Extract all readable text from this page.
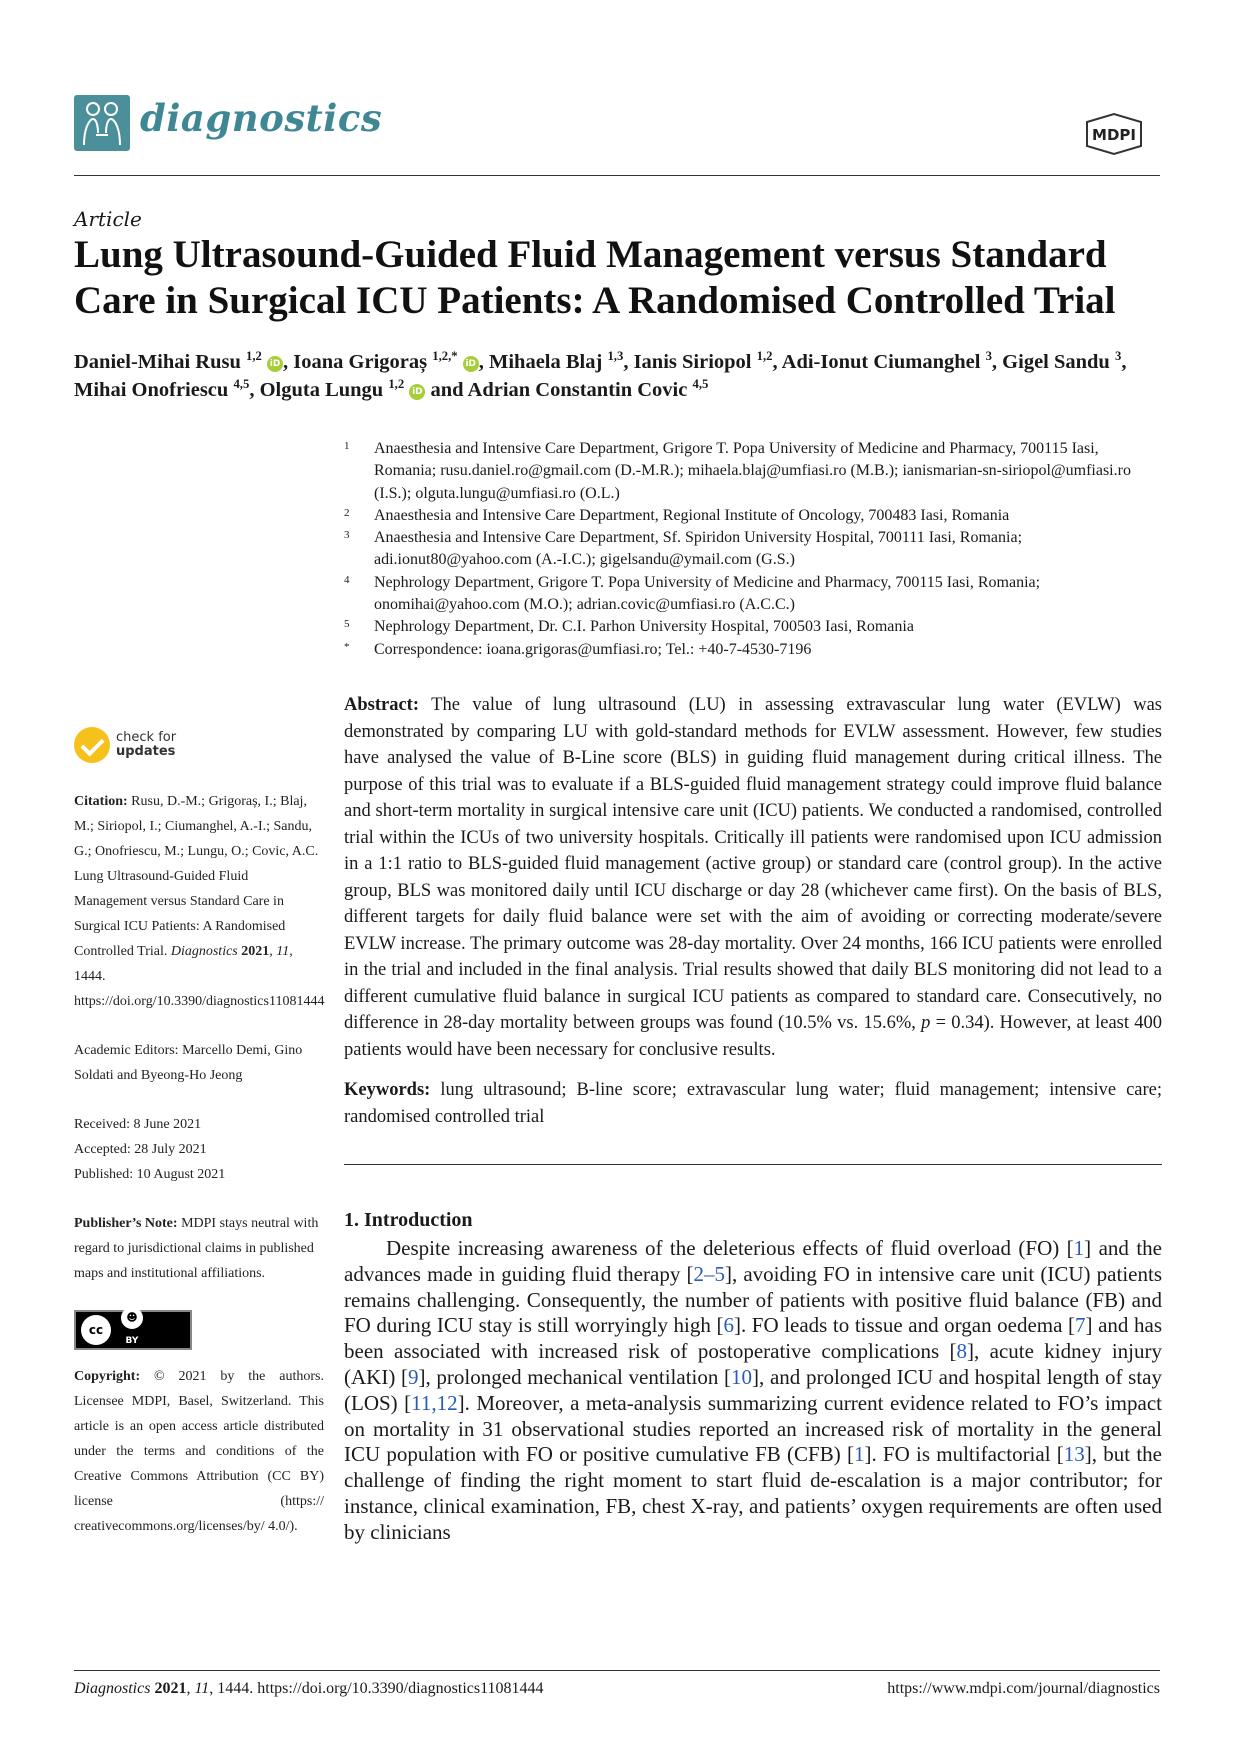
diagnostics	MDPI
Article
Lung Ultrasound-Guided Fluid Management versus Standard Care in Surgical ICU Patients: A Randomised Controlled Trial
Daniel-Mihai Rusu $^{1,2}$ iD , Ioana Grigoraș $^{1,2,*}$ iD , Mihaela Blaj $^{1,3}$, Ianis Siriopol $^{1,2}$, Adi-Ionut Ciumanghel $^3$, Gigel Sandu $^3$, Mihai Onofriescu $^{4,5}$, Olguta Lungu $^{1,2}$ iD and Adrian Constantin Covic $^{4,5}$
1 Anaesthesia and Intensive Care Department, Grigore T. Popa University of Medicine and Pharmacy, 700115 Iasi, Romania; rusu.daniel.ro@gmail.com (D.-M.R.); mihaela.blaj@umfiasi.ro (M.B.); ianismarian-sn-siriopol@umfiasi.ro (I.S.); olguta.lungu@umfiasi.ro (O.L.)
2 Anaesthesia and Intensive Care Department, Regional Institute of Oncology, 700483 Iasi, Romania
3 Anaesthesia and Intensive Care Department, Sf. Spiridon University Hospital, 700111 Iasi, Romania; adi.ionut80@yahoo.com (A.-I.C.); gigelsandu@ymail.com (G.S.)
4 Nephrology Department, Grigore T. Popa University of Medicine and Pharmacy, 700115 Iasi, Romania; onomihai@yahoo.com (M.O.); adrian.covic@umfiasi.ro (A.C.C.)
5 Nephrology Department, Dr. C.I. Parhon University Hospital, 700503 Iasi, Romania
* Correspondence: ioana.grigoras@umfiasi.ro; Tel.: +40-7-4530-7196
check for
updates
Citation: Rusu, D.-M.; Grigoraș, I.; Blaj, M.; Siriopol, I.; Ciumanghel, A.-I.; Sandu, G.; Onofriescu, M.; Lungu, O.; Covic, A.C. Lung Ultrasound-Guided Fluid Management versus Standard Care in Surgical ICU Patients: A Randomised Controlled Trial. Diagnostics 2021, 11, 1444. https://doi.org/10.3390/diagnostics11081444
Academic Editors: Marcello Demi, Gino Soldati and Byeong-Ho Jeong
Received: 8 June 2021
Accepted: 28 July 2021
Published: 10 August 2021
Publisher’s Note: MDPI stays neutral with regard to jurisdictional claims in published maps and institutional affiliations.
cc
☻
BY
Copyright: © 2021 by the authors. Licensee MDPI, Basel, Switzerland. This article is an open access article distributed under the terms and conditions of the Creative Commons Attribution (CC BY) license (https:// creativecommons.org/licenses/by/ 4.0/).
Abstract: The value of lung ultrasound (LU) in assessing extravascular lung water (EVLW) was demonstrated by comparing LU with gold-standard methods for EVLW assessment. However, few studies have analysed the value of B-Line score (BLS) in guiding fluid management during critical illness. The purpose of this trial was to evaluate if a BLS-guided fluid management strategy could improve fluid balance and short-term mortality in surgical intensive care unit (ICU) patients. We conducted a randomised, controlled trial within the ICUs of two university hospitals. Critically ill patients were randomised upon ICU admission in a 1:1 ratio to BLS-guided fluid management (active group) or standard care (control group). In the active group, BLS was monitored daily until ICU discharge or day 28 (whichever came first). On the basis of BLS, different targets for daily fluid balance were set with the aim of avoiding or correcting moderate/severe EVLW increase. The primary outcome was 28-day mortality. Over 24 months, 166 ICU patients were enrolled in the trial and included in the final analysis. Trial results showed that daily BLS monitoring did not lead to a different cumulative fluid balance in surgical ICU patients as compared to standard care. Consecutively, no difference in 28-day mortality between groups was found (10.5% vs. 15.6%, p = 0.34). However, at least 400 patients would have been necessary for conclusive results.
Keywords: lung ultrasound; B-line score; extravascular lung water; fluid management; intensive care; randomised controlled trial
1. Introduction
Despite increasing awareness of the deleterious effects of fluid overload (FO) [1] and the advances made in guiding fluid therapy [2–5], avoiding FO in intensive care unit (ICU) patients remains challenging. Consequently, the number of patients with positive fluid balance (FB) and FO during ICU stay is still worryingly high [6]. FO leads to tissue and organ oedema [7] and has been associated with increased risk of postoperative complications [8], acute kidney injury (AKI) [9], prolonged mechanical ventilation [10], and prolonged ICU and hospital length of stay (LOS) [11,12]. Moreover, a meta-analysis summarizing current evidence related to FO’s impact on mortality in 31 observational studies reported an increased risk of mortality in the general ICU population with FO or positive cumulative FB (CFB) [1]. FO is multifactorial [13], but the challenge of finding the right moment to start fluid de-escalation is a major contributor; for instance, clinical examination, FB, chest X-ray, and patients’ oxygen requirements are often used by clinicians
Diagnostics 2021, 11, 1444. https://doi.org/10.3390/diagnostics11081444	https://www.mdpi.com/journal/diagnostics
